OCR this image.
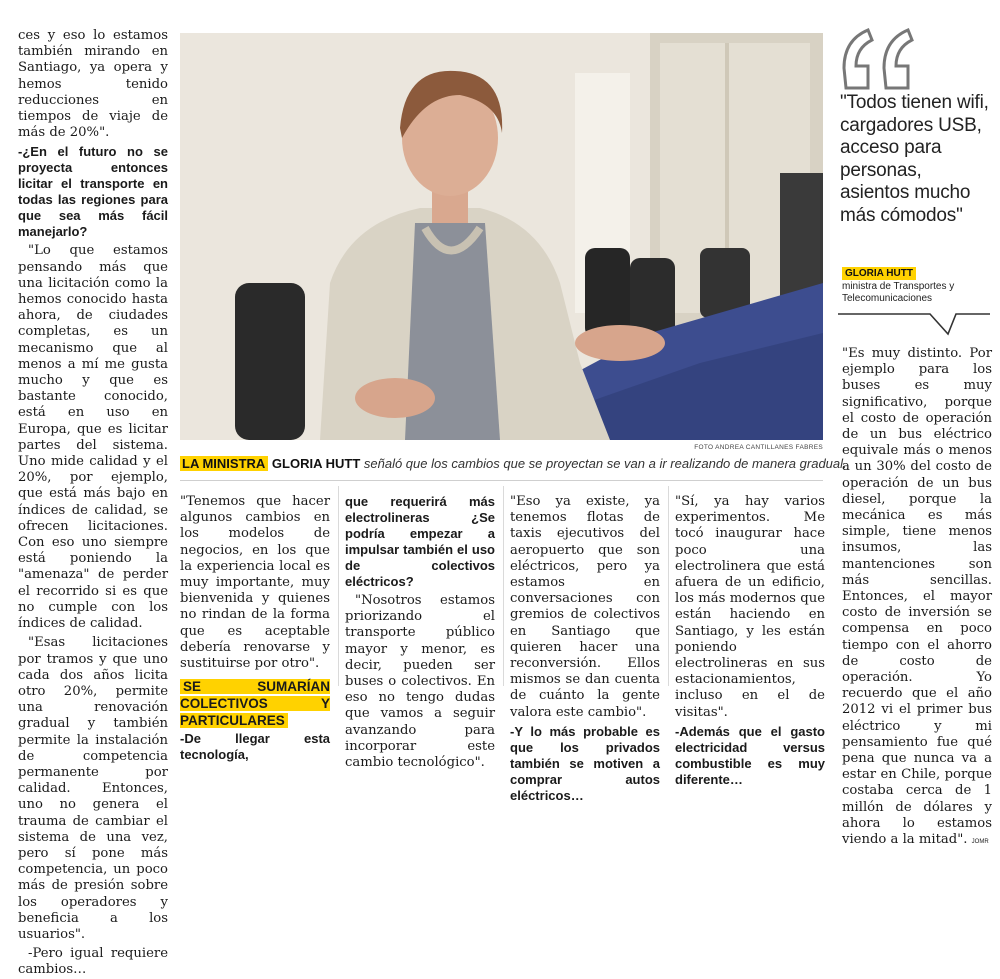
ces y eso lo estamos también mirando en Santiago, ya opera y hemos tenido reducciones en tiempos de viaje de más de 20%".

-¿En el futuro no se proyecta entonces licitar el transporte en todas las regiones para que sea más fácil manejarlo?

"Lo que estamos pensando más que una licitación como la hemos conocido hasta ahora, de ciudades completas, es un mecanismo que al menos a mí me gusta mucho y que es bastante conocido, está en uso en Europa, que es licitar partes del sistema. Uno mide calidad y el 20%, por ejemplo, que está más bajo en índices de calidad, se ofrecen licitaciones. Con eso uno siempre está poniendo la "amenaza" de perder el recorrido si es que no cumple con los índices de calidad.

"Esas licitaciones por tramos y que uno cada dos años licita otro 20%, permite una renovación gradual y también permite la instalación de competencia permanente por calidad. Entonces, uno no genera el trauma de cambiar el sistema de una vez, pero sí pone más competencia, un poco más de presión sobre los operadores y beneficia a los usuarios".

-Pero igual requiere cambios…

FOTO ANDREA CANTILLANES FABRES
LA MINISTRA GLORIA HUTT señaló que los cambios que se proyectan se van a ir realizando de manera gradual.

"Tenemos que hacer algunos cambios en los modelos de negocios, en los que la experiencia local es muy importante, muy bienvenida y quienes no rindan de la forma que es aceptable debería renovarse y sustituirse por otro".

SE SUMARÍAN COLECTIVOS Y PARTICULARES

-De llegar esta tecnología,

que requerirá más electrolineras ¿Se podría empezar a impulsar también el uso de colectivos eléctricos?

"Nosotros estamos priorizando el transporte público mayor y menor, es decir, pueden ser buses o colectivos. En eso no tengo dudas que vamos a seguir avanzando para incorporar este cambio tecnológico".

"Eso ya existe, ya tenemos flotas de taxis ejecutivos del aeropuerto que son eléctricos, pero ya estamos en conversaciones con gremios de colectivos en Santiago que quieren hacer una reconversión. Ellos mismos se dan cuenta de cuánto la gente valora este cambio".

-Y lo más probable es que los privados también se motiven a comprar autos eléctricos…

"Sí, ya hay varios experimentos. Me tocó inaugurar hace poco una electrolinera que está afuera de un edificio, los más modernos que están haciendo en Santiago, y les están poniendo electrolineras en sus estacionamientos, incluso en el de visitas".

-Además que el gasto electricidad versus combustible es muy diferente…

"Todos tienen wifi, cargadores USB, acceso para personas, asientos mucho más cómodos"
GLORIA HUTT
ministra de Transportes y Telecomunicaciones

"Es muy distinto. Por ejemplo para los buses es muy significativo, porque el costo de operación de un bus eléctrico equivale más o menos a un 30% del costo de operación de un bus diesel, porque la mecánica es más simple, tiene menos insumos, las mantenciones son más sencillas. Entonces, el mayor costo de inversión se compensa en poco tiempo con el ahorro de costo de operación. Yo recuerdo que el año 2012 vi el primer bus eléctrico y mi pensamiento fue qué pena que nunca va a estar en Chile, porque costaba cerca de 1 millón de dólares y ahora lo estamos viendo a la mitad". JOMR
